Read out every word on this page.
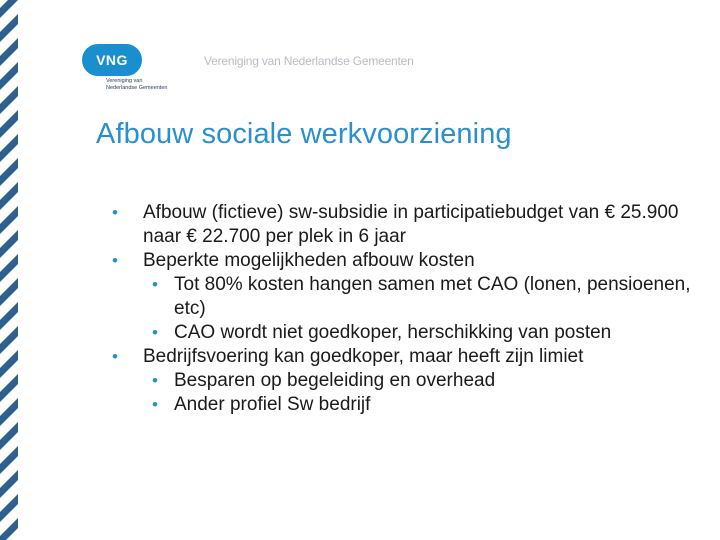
VNG
Vereniging van
Nederlandse Gemeenten
Vereniging van Nederlandse Gemeenten
Afbouw sociale werkvoorziening
• Afbouw (fictieve) sw-subsidie in participatiebudget van € 25.900 naar € 22.700 per plek in 6 jaar
• Beperkte mogelijkheden afbouw kosten
• Tot 80% kosten hangen samen met CAO (lonen, pensioenen, etc)
• CAO wordt niet goedkoper, herschikking van posten
• Bedrijfsvoering kan goedkoper, maar heeft zijn limiet
• Besparen op begeleiding en overhead
• Ander profiel Sw bedrijf
